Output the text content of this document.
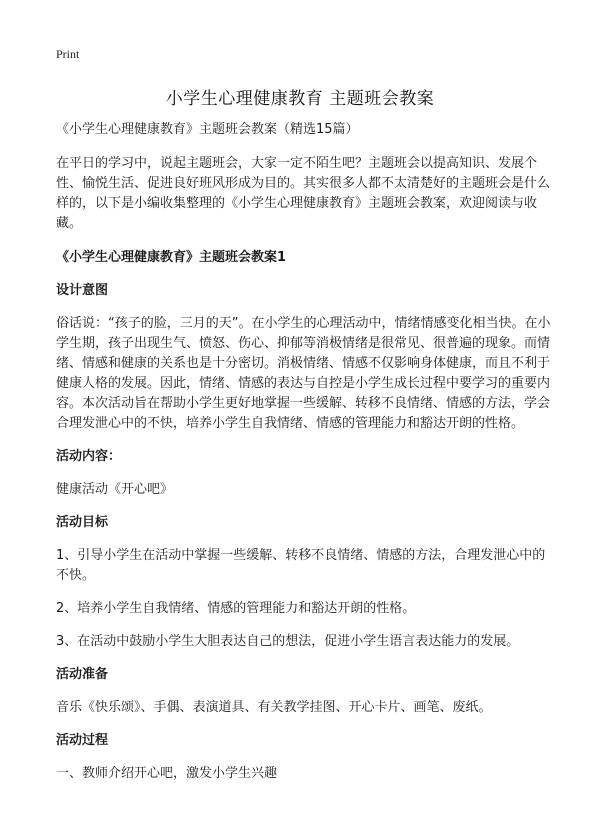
Print
小学生心理健康教育 主题班会教案

《小学生心理健康教育》主题班会教案（精选15篇）

在平日的学习中，说起主题班会，大家一定不陌生吧？主题班会以提高知识、发展个性、愉悦生活、促进良好班风形成为目的。其实很多人都不太清楚好的主题班会是什么样的，以下是小编收集整理的《小学生心理健康教育》主题班会教案，欢迎阅读与收藏。

《小学生心理健康教育》主题班会教案1

设计意图

俗话说：“孩子的脸，三月的天”。在小学生的心理活动中，情绪情感变化相当快。在小学生期，孩子出现生气、愤怒、伤心、抑郁等消极情绪是很常见、很普遍的现象。而情绪、情感和健康的关系也是十分密切。消极情绪、情感不仅影响身体健康，而且不利于健康人格的发展。因此，情绪、情感的表达与自控是小学生成长过程中要学习的重要内容。本次活动旨在帮助小学生更好地掌握一些缓解、转移不良情绪、情感的方法，学会合理发泄心中的不快，培养小学生自我情绪、情感的管理能力和豁达开朗的性格。

活动内容：

健康活动《开心吧》

活动目标

1、引导小学生在活动中掌握一些缓解、转移不良情绪、情感的方法，合理发泄心中的不快。

2、培养小学生自我情绪、情感的管理能力和豁达开朗的性格。

3、在活动中鼓励小学生大胆表达自己的想法，促进小学生语言表达能力的发展。

活动准备

音乐《快乐颂》、手偶、表演道具、有关教学挂图、开心卡片、画笔、废纸。

活动过程

一、教师介绍开心吧，激发小学生兴趣
